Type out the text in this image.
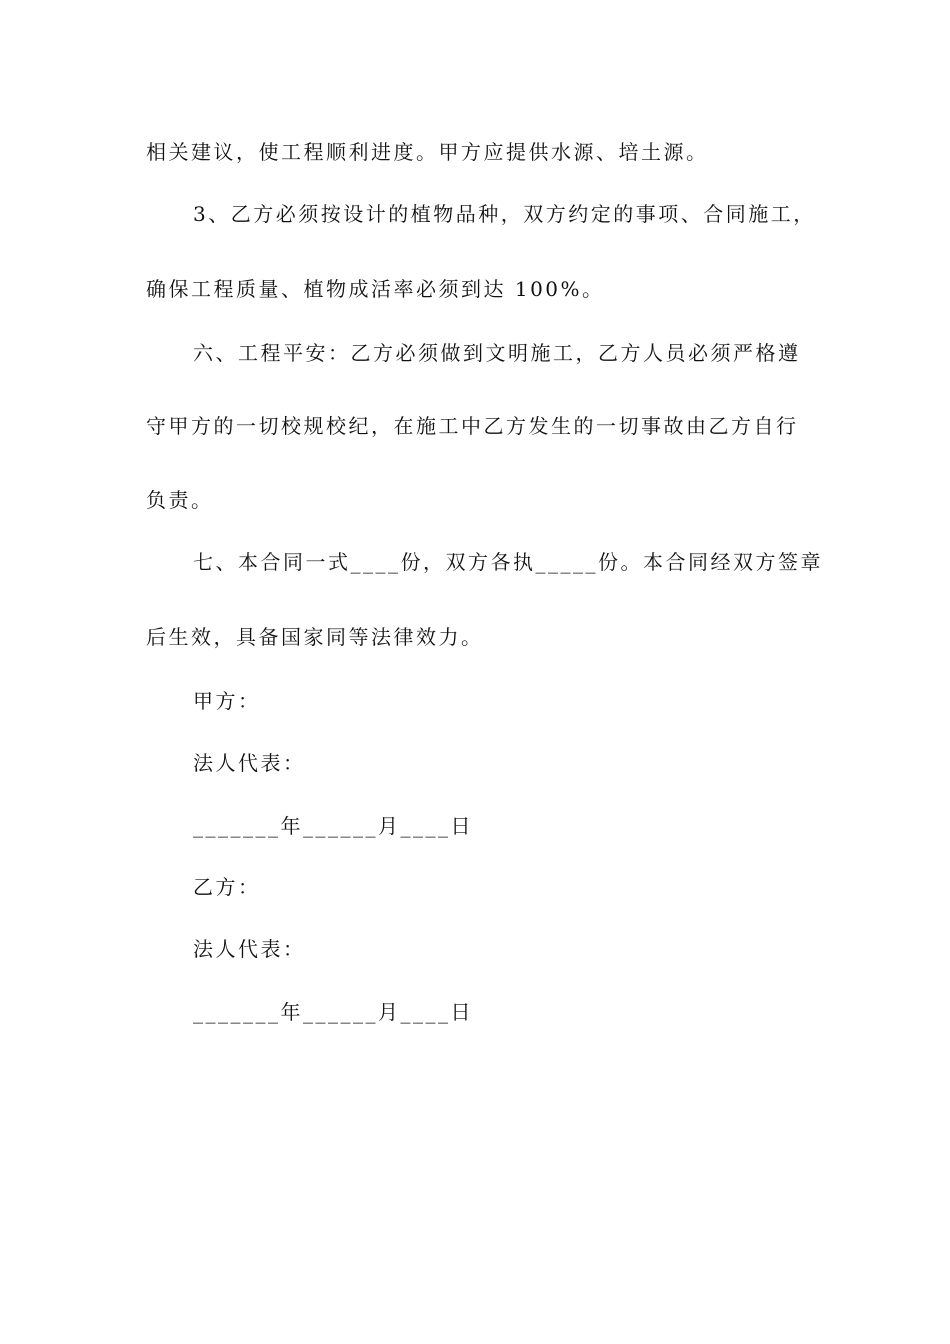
相关建议，使工程顺利进度。甲方应提供水源、培土源。
3、乙方必须按设计的植物品种，双方约定的事项、合同施工，
确保工程质量、植物成活率必须到达 100%。
六、工程平安：乙方必须做到文明施工，乙方人员必须严格遵
守甲方的一切校规校纪，在施工中乙方发生的一切事故由乙方自行
负责。
七、本合同一式____份，双方各执_____份。本合同经双方签章
后生效，具备国家同等法律效力。
甲方：
法人代表：
_______年______月____日
乙方：
法人代表：
_______年______月____日
